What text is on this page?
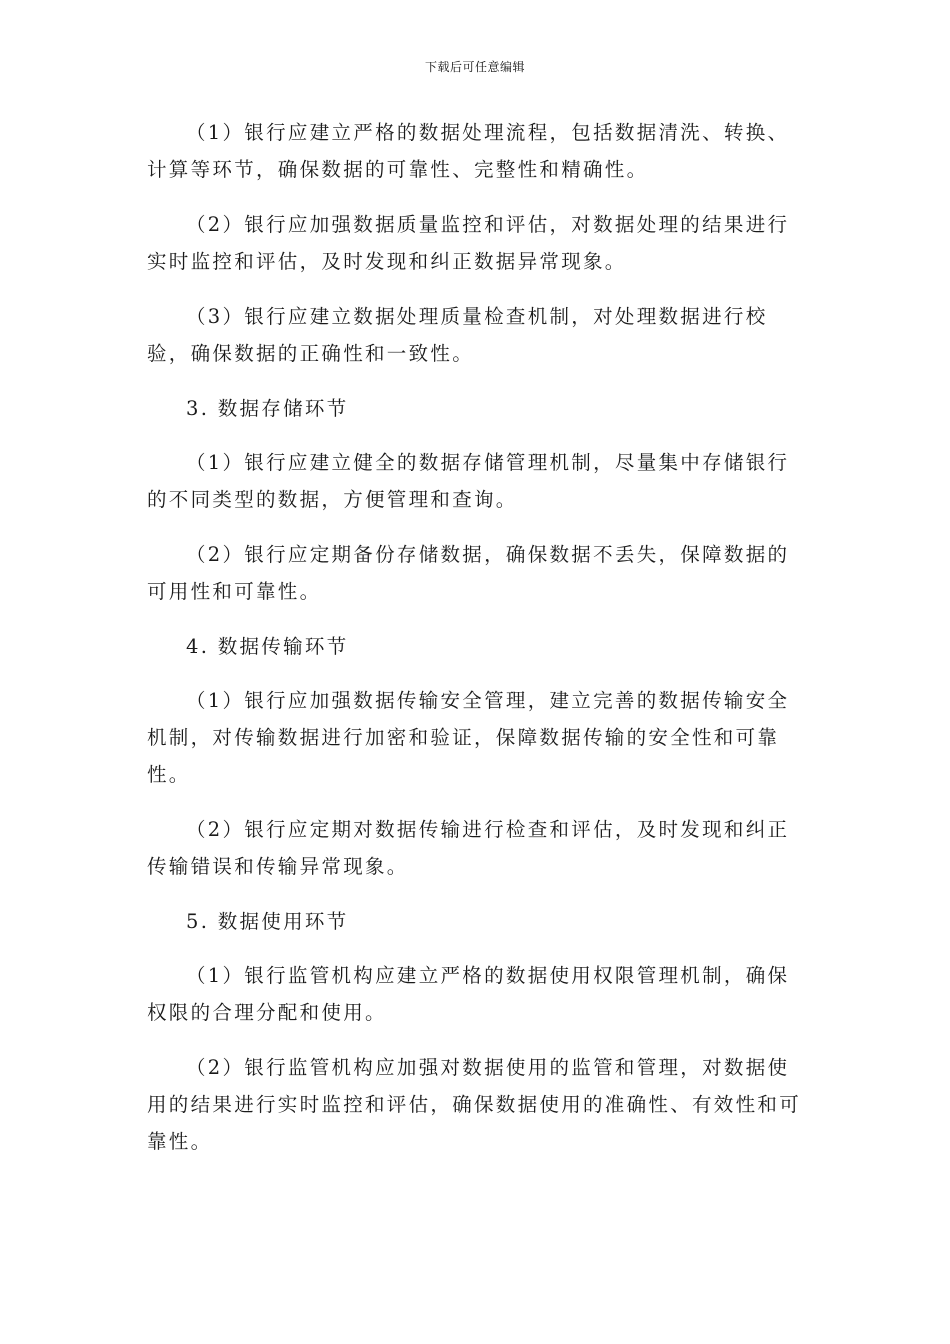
下载后可任意编辑

（1）银行应建立严格的数据处理流程，包括数据清洗、转换、计算等环节，确保数据的可靠性、完整性和精确性。

（2）银行应加强数据质量监控和评估，对数据处理的结果进行实时监控和评估，及时发现和纠正数据异常现象。

（3）银行应建立数据处理质量检查机制，对处理数据进行校验，确保数据的正确性和一致性。

3. 数据存储环节

（1）银行应建立健全的数据存储管理机制，尽量集中存储银行的不同类型的数据，方便管理和查询。

（2）银行应定期备份存储数据，确保数据不丢失，保障数据的可用性和可靠性。

4. 数据传输环节

（1）银行应加强数据传输安全管理，建立完善的数据传输安全机制，对传输数据进行加密和验证，保障数据传输的安全性和可靠性。

（2）银行应定期对数据传输进行检查和评估，及时发现和纠正传输错误和传输异常现象。

5. 数据使用环节

（1）银行监管机构应建立严格的数据使用权限管理机制，确保权限的合理分配和使用。

（2）银行监管机构应加强对数据使用的监管和管理，对数据使用的结果进行实时监控和评估，确保数据使用的准确性、有效性和可靠性。
